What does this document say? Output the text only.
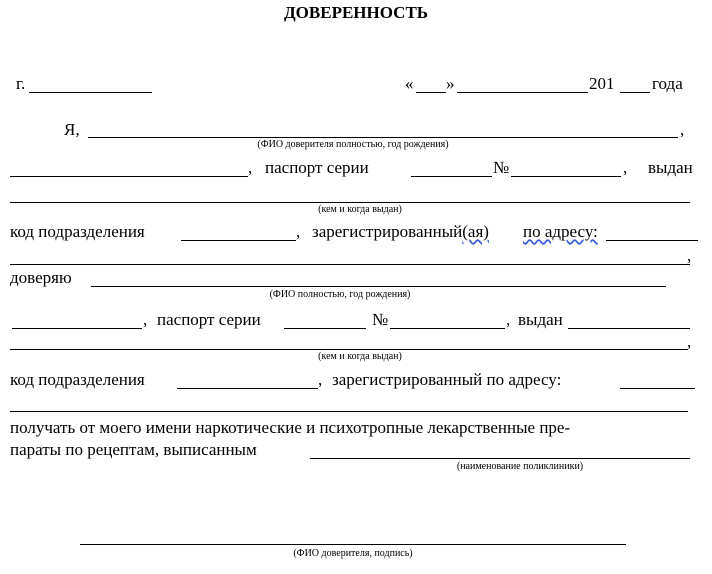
ДОВЕРЕННОСТЬ
г.	« »	201 года
Я,	,
(ФИО доверителя полностью, год рождения)
, паспорт серии	№	, выдан
(кем и когда выдан)
код подразделения	, зарегистрированный(ая) по адресу:
,
доверяю
(ФИО полностью, год рождения)
, паспорт серии	№	, выдан
,
(кем и когда выдан)
код подразделения	, зарегистрированный по адресу:
получать от моего имени наркотические и психотропные лекарственные пре-
параты по рецептам, выписанным
(наименование поликлиники)
(ФИО доверителя, подпись)
